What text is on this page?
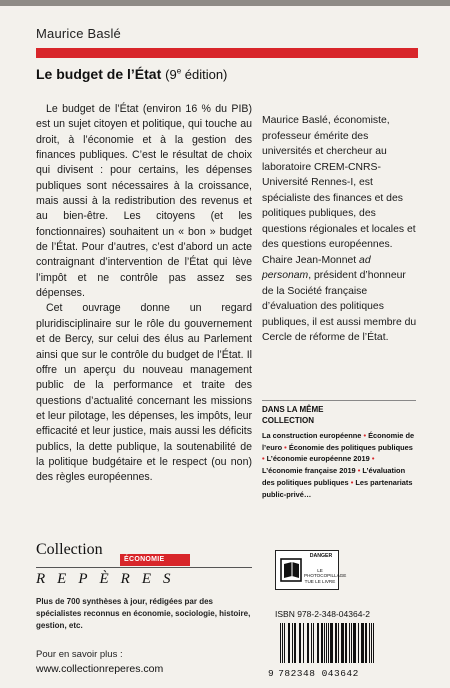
Maurice Baslé
Le budget de l’État (9e édition)

Le budget de l’État (environ 16 % du PIB) est un sujet citoyen et politique, qui touche au droit, à l’économie et à la gestion des finances publiques. C’est le résultat de choix qui divisent : pour certains, les dépenses publiques sont nécessaires à la croissance, mais aussi à la redistribution des revenus et au bien-être. Les citoyens (et les fonctionnaires) souhaitent un « bon » budget de l’État. Pour d’autres, c’est d’abord un acte contraignant d’intervention de l’État qui lève l’impôt et ne contrôle pas assez ses dépenses.

Cet ouvrage donne un regard pluridisciplinaire sur le rôle du gouvernement et de Bercy, sur celui des élus au Parlement ainsi que sur le contrôle du budget de l’État. Il offre un aperçu du nouveau management public de la performance et traite des questions d’actualité concernant les missions et leur pilotage, les dépenses, les impôts, leur efficacité et leur justice, mais aussi les déficits publics, la dette publique, la soutenabilité de la politique budgétaire et le respect (ou non) des règles européennes.

Maurice Baslé, économiste, professeur émérite des universités et chercheur au laboratoire CREM-CNRS-Université Rennes-I, est spécialiste des finances et des politiques publiques, des questions régionales et locales et des questions européennes. Chaire Jean-Monnet ad personam, président d’honneur de la Société française d’évaluation des politiques publiques, il est aussi membre du Cercle de réforme de l’État.
DANS LA MÊME
COLLECTION
La construction européenne • Économie de l’euro • Économie des politiques publiques • L’économie européenne 2019 • L’économie française 2019 • L’évaluation des politiques publiques • Les partenariats public-privé…
Collection
ÉCONOMIE
REPÈRES
Plus de 700 synthèses à jour, rédigées par des spécialistes reconnus en économie, sociologie, histoire, gestion, etc.
Pour en savoir plus :
www.collectionreperes.com
DANGER
LE PHOTOCOPILLAGE TUE LE LIVRE
ISBN 978-2-348-04364-2
9 782348 043642
